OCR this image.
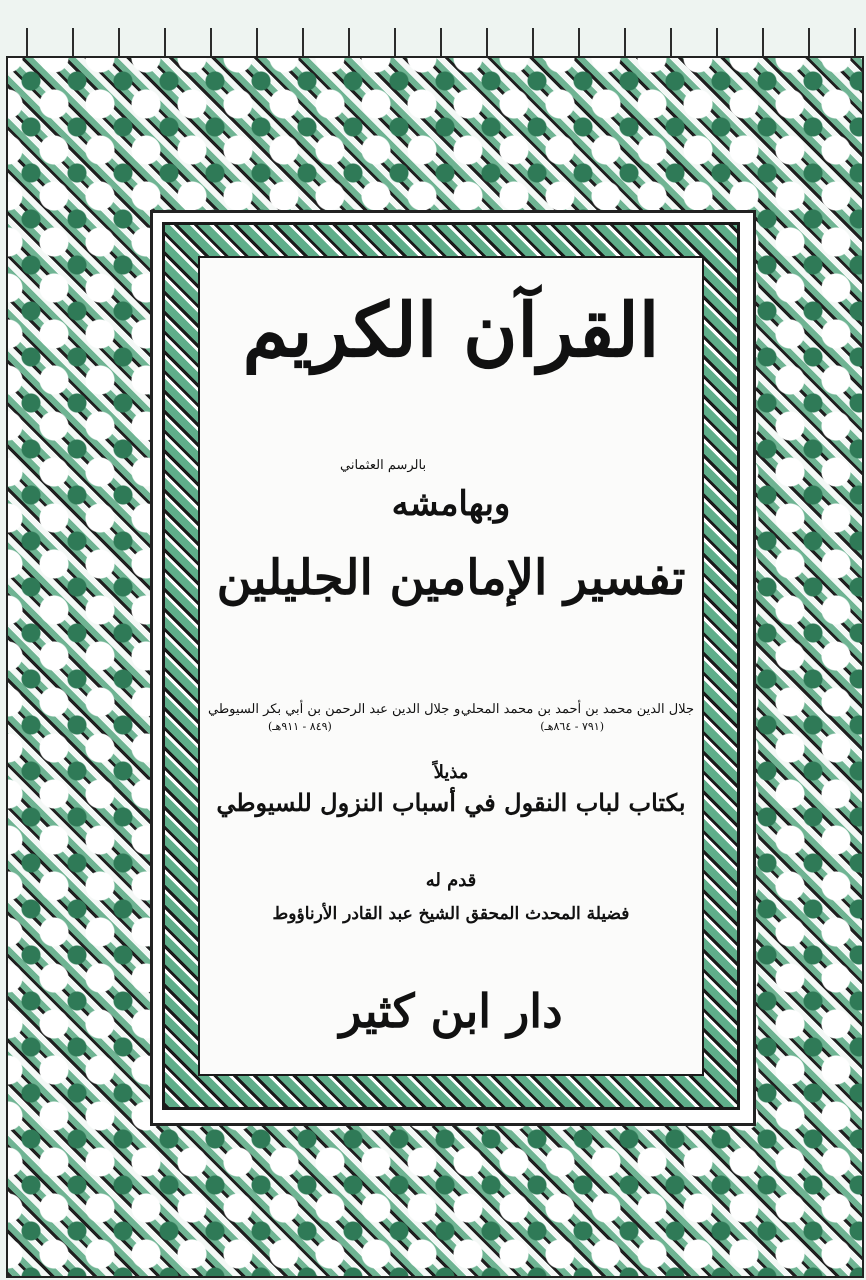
القرآن الكريم
بالرسم العثماني
وبهامشه
تفسير الإمامين الجليلين
جلال الدين محمد بن أحمد بن محمد المحلي
و
جلال الدين عبد الرحمن بن أبي بكر السيوطي
(٧٩١ - ٨٦٤هـ)
(٨٤٩ - ٩١١هـ)
مذيلاً
بكتاب لباب النقول في أسباب النزول للسيوطي
قدم له
فضيلة المحدث المحقق الشيخ عبد القادر الأرناؤوط
دار ابن كثير
